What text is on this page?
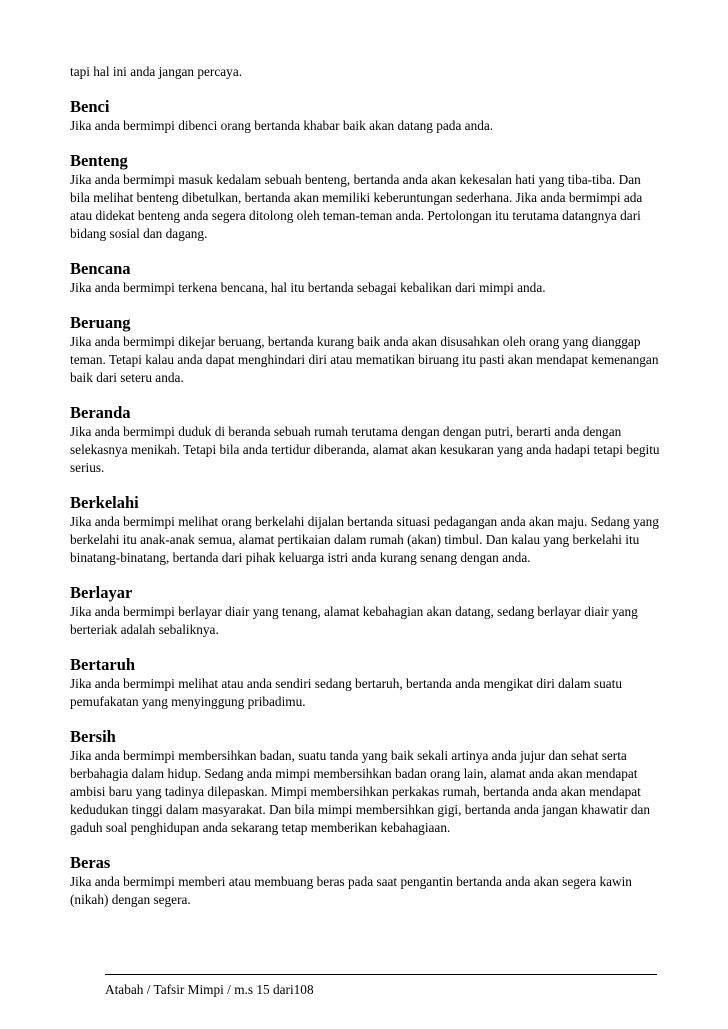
tapi hal ini anda jangan percaya.

Benci

Jika anda bermimpi dibenci orang bertanda khabar baik akan datang pada anda.

Benteng

Jika anda bermimpi masuk kedalam sebuah benteng, bertanda anda akan kekesalan hati yang tiba-tiba. Dan bila melihat benteng dibetulkan, bertanda akan memiliki keberuntungan sederhana. Jika anda bermimpi ada atau didekat benteng anda segera ditolong oleh teman-teman anda. Pertolongan itu terutama datangnya dari bidang sosial dan dagang.

Bencana

Jika anda bermimpi terkena bencana, hal itu bertanda sebagai kebalikan dari mimpi anda.

Beruang

Jika anda bermimpi dikejar beruang, bertanda kurang baik anda akan disusahkan oleh orang yang dianggap teman. Tetapi kalau anda dapat menghindari diri atau mematikan biruang itu pasti akan mendapat kemenangan baik dari seteru anda.

Beranda

Jika anda bermimpi duduk di beranda sebuah rumah terutama dengan dengan putri, berarti anda dengan selekasnya menikah. Tetapi bila anda tertidur diberanda, alamat akan kesukaran yang anda hadapi tetapi begitu serius.

Berkelahi

Jika anda bermimpi melihat orang berkelahi dijalan bertanda situasi pedagangan anda akan maju. Sedang yang berkelahi itu anak-anak semua, alamat pertikaian dalam rumah (akan) timbul. Dan kalau yang berkelahi itu binatang-binatang, bertanda dari pihak keluarga istri anda kurang senang dengan anda.

Berlayar

Jika anda bermimpi berlayar diair yang tenang, alamat kebahagian akan datang, sedang berlayar diair yang berteriak adalah sebaliknya.

Bertaruh

Jika anda bermimpi melihat atau anda sendiri sedang bertaruh, bertanda anda mengikat diri dalam suatu pemufakatan yang menyinggung pribadimu.

Bersih

Jika anda bermimpi membersihkan badan, suatu tanda yang baik sekali artinya anda jujur dan sehat serta berbahagia dalam hidup. Sedang anda mimpi membersihkan badan orang lain, alamat anda akan mendapat ambisi baru yang tadinya dilepaskan. Mimpi membersihkan perkakas rumah, bertanda anda akan mendapat kedudukan tinggi dalam masyarakat. Dan bila mimpi membersihkan gigi, bertanda anda jangan khawatir dan gaduh soal penghidupan anda sekarang tetap memberikan kebahagiaan.

Beras

Jika anda bermimpi memberi atau membuang beras pada saat pengantin bertanda anda akan segera kawin (nikah) dengan segera.

Atabah / Tafsir Mimpi / m.s 15 dari108
